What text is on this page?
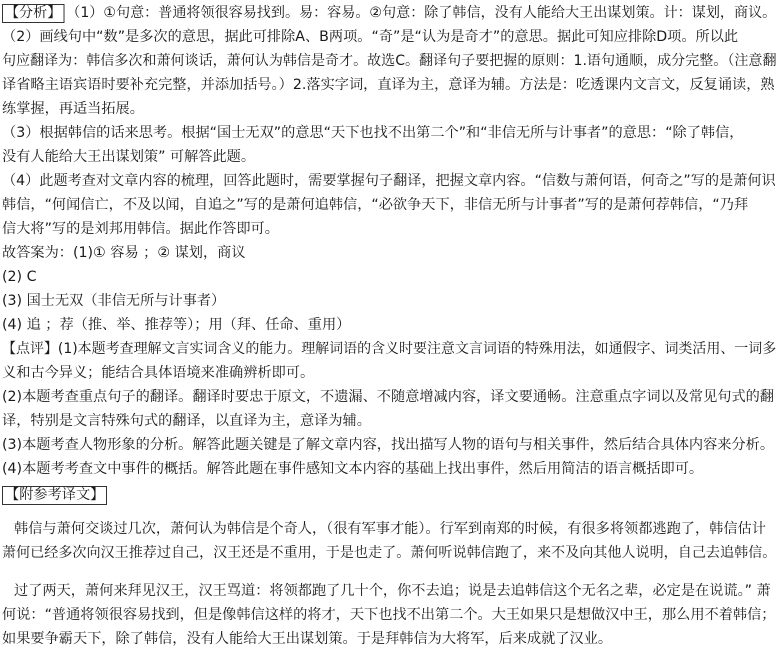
【分析】 （1）①句意：普通将领很容易找到。易：容易。②句意：除了韩信，没有人能给大王出谋划策。计：谋划，商议。
（2）画线句中“数”是多次的意思，据此可排除A、B两项。“奇”是“认为是奇才”的意思。据此可知应排除D项。所以此
句应翻译为：韩信多次和萧何谈话，萧何认为韩信是奇才。故选C。翻译句子要把握的原则：1.语句通顺，成分完整。（注意翻
译省略主语宾语时要补充完整，并添加括号。）2.落实字词，直译为主，意译为辅。方法是：吃透课内文言文，反复诵读，熟
练掌握，再适当拓展。
（3）根据韩信的话来思考。根据“国士无双”的意思“天下也找不出第二个”和“非信无所与计事者”的意思：“除了韩信，
没有人能给大王出谋划策” 可解答此题。
（4）此题考查对文章内容的梳理，回答此题时，需要掌握句子翻译，把握文章内容。“信数与萧何语，何奇之”写的是萧何识
韩信，“何闻信亡，不及以闻，自追之”写的是萧何追韩信，“必欲争天下，非信无所与计事者”写的是萧何荐韩信，“乃拜
信大将”写的是刘邦用韩信。据此作答即可。
故答案为：(1)① 容易 ；② 谋划，商议
(2) C
(3) 国士无双（非信无所与计事者）
(4) 追 ；荐（推、举、推荐等）；用（拜、任命、重用）
【点评】(1)本题考查理解文言实词含义的能力。理解词语的含义时要注意文言词语的特殊用法，如通假字、词类活用、一词多
义和古今异义；能结合具体语境来准确辨析即可。
(2)本题考查重点句子的翻译。翻译时要忠于原文，不遗漏、不随意增减内容，译文要通畅。注意重点字词以及常见句式的翻
译，特别是文言特殊句式的翻译，以直译为主，意译为辅。
(3)本题考查人物形象的分析。解答此题关键是了解文章内容，找出描写人物的语句与相关事件，然后结合具体内容来分析。
(4)本题考考查文中事件的概括。解答此题在事件感知文本内容的基础上找出事件，然后用简洁的语言概括即可。
【附参考译文】
韩信与萧何交谈过几次，萧何认为韩信是个奇人，（很有军事才能）。行军到南郑的时候，有很多将领都逃跑了，韩信估计
萧何已经多次向汉王推荐过自己，汉王还是不重用，于是也走了。萧何听说韩信跑了，来不及向其他人说明，自己去追韩信。
过了两天，萧何来拜见汉王，汉王骂道：将领都跑了几十个，你不去追；说是去追韩信这个无名之辈，必定是在说谎。” 萧
何说：“普通将领很容易找到，但是像韩信这样的将才，天下也找不出第二个。大王如果只是想做汉中王，那么用不着韩信；
如果要争霸天下，除了韩信，没有人能给大王出谋划策。于是拜韩信为大将军，后来成就了汉业。
